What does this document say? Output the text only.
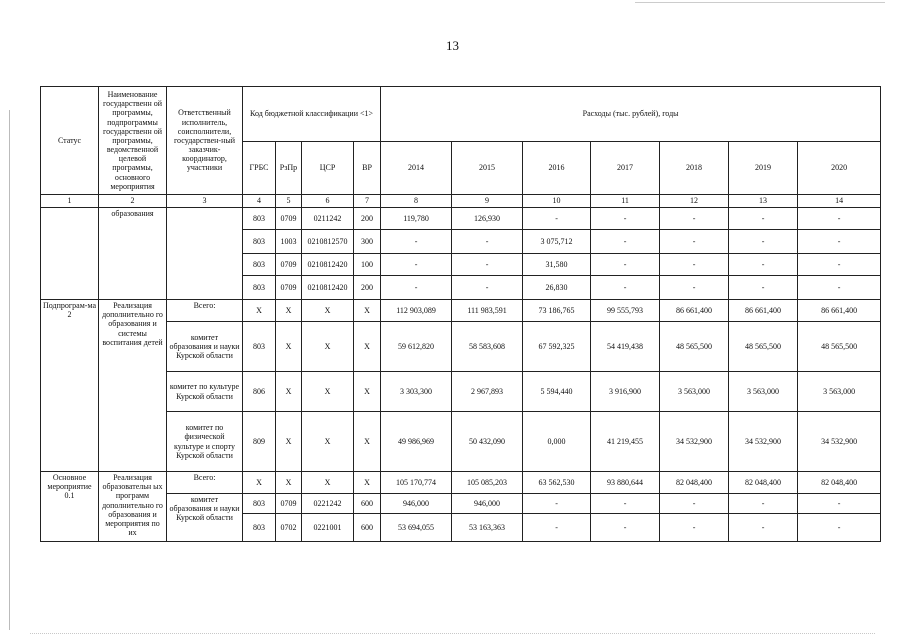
13
Статус	Наименование государственн ой программы, подпрограммы государственн ой программы, ведомственной целевой программы, основного мероприятия	Ответственный исполнитель, соисполнители, государствен-ный заказчик-координатор, участники	Код бюджетной классификации <1>				Расходы (тыс. рублей), годы						
			ГРБС	РзПр	ЦСР	ВР	2014	2015	2016	2017	2018	2019	2020
1	2	3	4	5	6	7	8	9	10	11	12	13	14
	образования		803	0709	0211242	200	119,780	126,930	-	-	-	-	-
			803	1003	0210812570	300	-	-	3 075,712	-	-	-	-
			803	0709	0210812420	100	-	-	31,580	-	-	-	-
			803	0709	0210812420	200	-	-	26,830	-	-	-	-
Подпрограм-ма 2	Реализация дополнительно го образования и системы воспитания детей	Всего:	X	X	X	X	112 903,089	111 983,591	73 186,765	99 555,793	86 661,400	86 661,400	86 661,400
		комитет образования и науки Курской области	803	X	X	X	59 612,820	58 583,608	67 592,325	54 419,438	48 565,500	48 565,500	48 565,500
		комитет по культуре Курской области	806	X	X	X	3 303,300	2 967,893	5 594,440	3 916,900	3 563,000	3 563,000	3 563,000
		комитет по физической культуре и спорту Курской области	809	X	X	X	49 986,969	50 432,090	0,000	41 219,455	34 532,900	34 532,900	34 532,900
Основное мероприятие 0.1	Реализация образовательн ых программ дополнительно го образования и мероприятия по их	Всего:	X	X	X	X	105 170,774	105 085,203	63 562,530	93 880,644	82 048,400	82 048,400	82 048,400
		комитет образования и науки Курской области	803	0709	0221242	600	946,000	946,000	-	-	-	-	-
			803	0702	0221001	600	53 694,055	53 163,363	-	-	-	-	-
